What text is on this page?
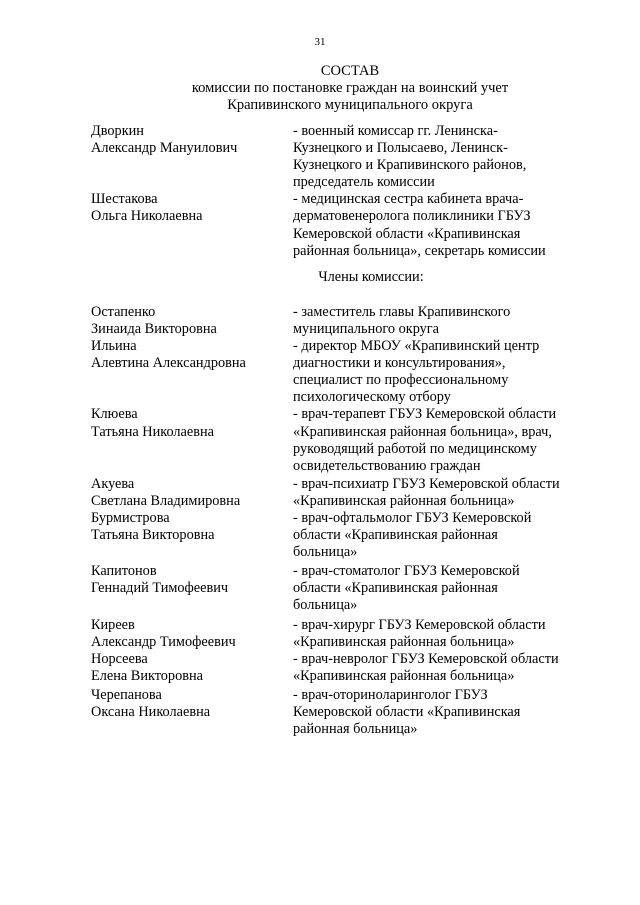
31
СОСТАВ
комиссии по постановке граждан на воинский учет
Крапивинского муниципального округа
Дворкин
Александр Мануилович
- военный комиссар гг. Ленинска-
Кузнецкого и Полысаево, Ленинск-
Кузнецкого и Крапивинского районов,
председатель комиссии
Шестакова
Ольга Николаевна
- медицинская сестра кабинета врача-
дерматовенеролога поликлиники ГБУЗ
Кемеровской области «Крапивинская
районная больница», секретарь комиссии
Члены комиссии:
Остапенко
Зинаида Викторовна
- заместитель главы Крапивинского
муниципального округа
Ильина
Алевтина Александровна
- директор МБОУ «Крапивинский центр
диагностики и консультирования»,
специалист по профессиональному
психологическому отбору
Клюева
Татьяна Николаевна
- врач-терапевт ГБУЗ Кемеровской области
«Крапивинская районная больница», врач,
руководящий работой по медицинскому
освидетельствованию граждан
Акуева
Светлана Владимировна
- врач-психиатр ГБУЗ Кемеровской области
«Крапивинская районная больница»
Бурмистрова
Татьяна Викторовна
- врач-офтальмолог ГБУЗ Кемеровской
области «Крапивинская районная
больница»
Капитонов
Геннадий Тимофеевич
- врач-стоматолог ГБУЗ Кемеровской
области «Крапивинская районная
больница»
Киреев
Александр Тимофеевич
- врач-хирург ГБУЗ Кемеровской области
«Крапивинская районная больница»
Норсеева
Елена Викторовна
- врач-невролог ГБУЗ Кемеровской области
«Крапивинская районная больница»
Черепанова
Оксана Николаевна
- врач-оториноларинголог ГБУЗ
Кемеровской области «Крапивинская
районная больница»
